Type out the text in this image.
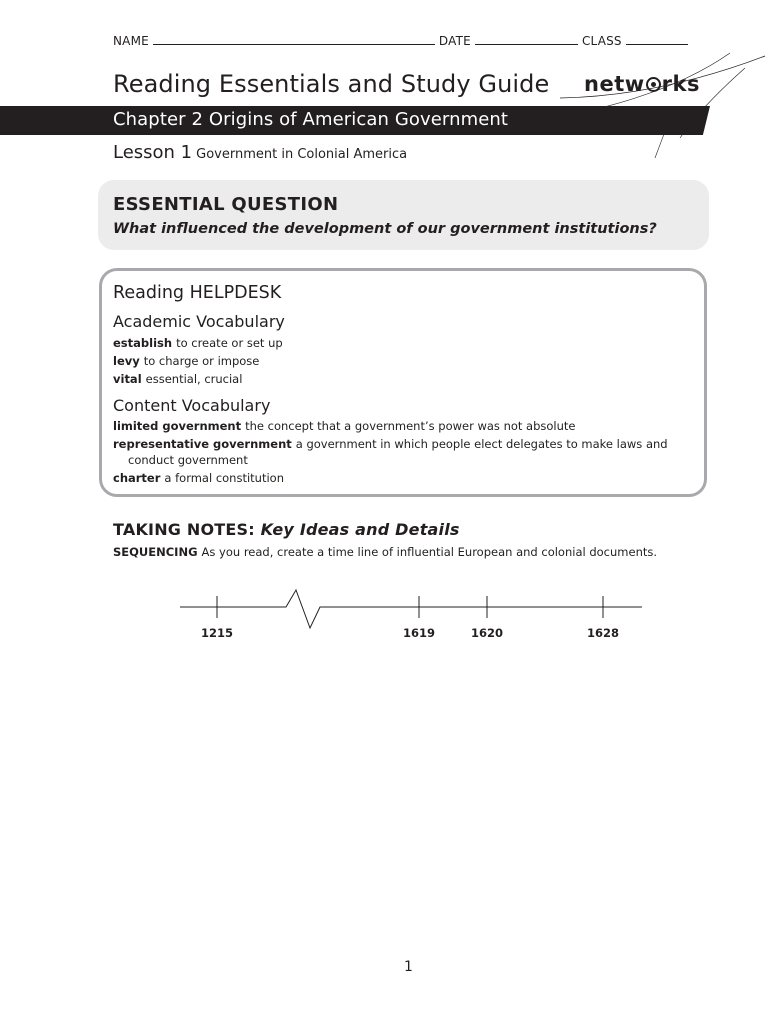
NAME	DATE	CLASS
Reading Essentials and Study Guide netw rks
Chapter 2 Origins of American Government
Lesson 1 Government in Colonial America
ESSENTIAL QUESTION
What influenced the development of our government institutions?
Reading HELPDESK
Academic Vocabulary
establish to create or set up
levy to charge or impose
vital essential, crucial
Content Vocabulary
limited government the concept that a government’s power was not absolute
representative government a government in which people elect delegates to make laws and
conduct government
charter a formal constitution
TAKING NOTES: Key Ideas and Details
SEQUENCING As you read, create a time line of influential European and colonial documents.
1215	1619	1620	1628
1
